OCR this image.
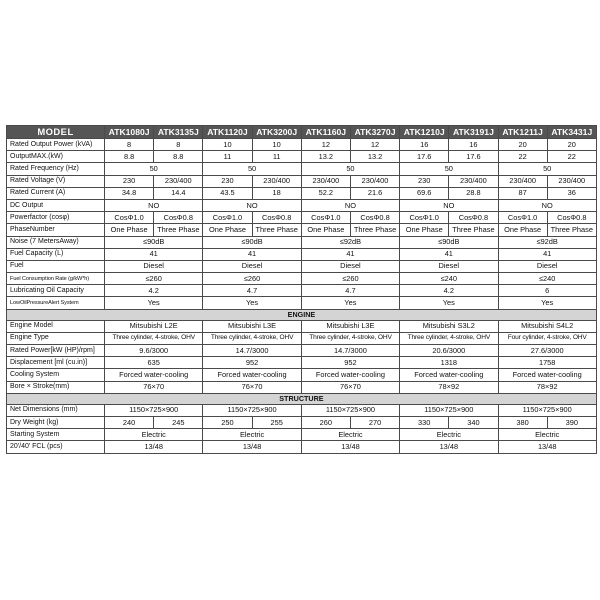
MODEL	ATK1080J	ATK3135J	ATK1120J	ATK3200J	ATK1160J	ATK3270J	ATK1210J	ATK3191J	ATK1211J	ATK3431J
Rated Output Power (kVA)	8	8	10	10	12	12	16	16	20	20
OutputMAX.(kW)	8.8	8.8	11	11	13.2	13.2	17.6	17.6	22	22
Rated Frequency (Hz)	50		50		50		50		50	
Rated Voltage (V)	230	230/400	230	230/400	230/400	230/400	230	230/400	230/400	230/400
Rated Current (A)	34.8	14.4	43.5	18	52.2	21.6	69.6	28.8	87	36
DC Output	NO		NO		NO		NO		NO	
Powerfactor (cosφ)	CosΦ1.0	CosΦ0.8	CosΦ1.0	CosΦ0.8	CosΦ1.0	CosΦ0.8	CosΦ1.0	CosΦ0.8	CosΦ1.0	CosΦ0.8
PhaseNumber	One Phase	Three Phase	One Phase	Three Phase	One Phase	Three Phase	One Phase	Three Phase	One Phase	Three Phase
Noise (7 MetersAway)	≤90dB		≤90dB		≤92dB		≤90dB		≤92dB	
Fuel Capacity (L)	41		41		41		41		41	
Fuel	Diesel		Diesel		Diesel		Diesel		Diesel	
Fuel Consumption Rate (g/kW*h)	≤260		≤260		≤260		≤240		≤240	
Lubricating Oil Capacity	4.2		4.7		4.7		4.2		6	
LowOilPressureAlert System	Yes		Yes		Yes		Yes		Yes	
ENGINE										
Engine Model	Mitsubishi L2E		Mitsubishi L3E		Mitsubishi L3E		Mitsubishi S3L2		Mitsubishi S4L2	
Engine Type	Three cylinder, 4-stroke, OHV		Three cylinder, 4-stroke, OHV		Three cylinder, 4-stroke, OHV		Three cylinder, 4-stroke, OHV		Four cylinder, 4-stroke, OHV	
Rated Power[kW (HP)/rpm]	9.6/3000		14.7/3000		14.7/3000		20.6/3000		27.6/3000	
Displacement [ml (cu.in)]	635		952		952		1318		1758	
Cooling System	Forced water-cooling		Forced water-cooling		Forced water-cooling		Forced water-cooling		Forced water-cooling	
Bore × Stroke(mm)	76×70		76×70		76×70		78×92		78×92	
STRUCTURE										
Net Dimensions (mm)	1150×725×900		1150×725×900		1150×725×900		1150×725×900		1150×725×900	
Dry Weight (kg)	240	245	250	255	260	270	330	340	380	390
Starting System	Electric		Electric		Electric		Electric		Electric	
20'/40' FCL (pcs)	13/48		13/48		13/48		13/48		13/48	
